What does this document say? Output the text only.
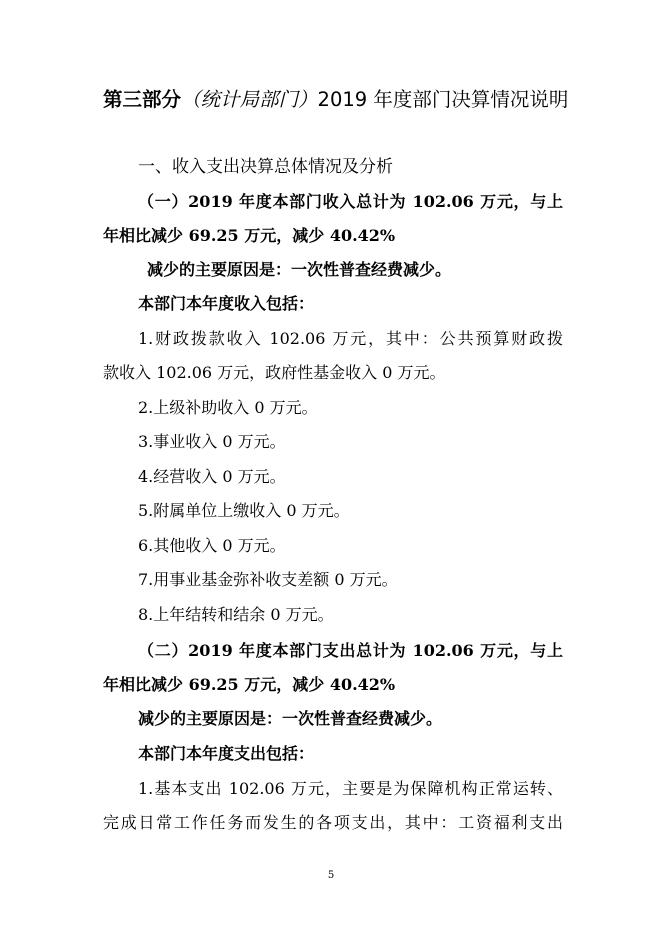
第三部分（统计局部门）2019 年度部门决算情况说明
一、收入支出决算总体情况及分析
（一）2019 年度本部门收入总计为 102.06 万元，与上
年相比减少 69.25 万元，减少 40.42%
减少的主要原因是：一次性普查经费减少。
本部门本年度收入包括：
1.财政拨款收入 102.06 万元，其中：公共预算财政拨
款收入 102.06 万元，政府性基金收入 0 万元。
2.上级补助收入 0 万元。
3.事业收入 0 万元。
4.经营收入 0 万元。
5.附属单位上缴收入 0 万元。
6.其他收入 0 万元。
7.用事业基金弥补收支差额 0 万元。
8.上年结转和结余 0 万元。
（二）2019 年度本部门支出总计为 102.06 万元，与上
年相比减少 69.25 万元，减少 40.42%
减少的主要原因是：一次性普查经费减少。
本部门本年度支出包括：
1.基本支出 102.06 万元，主要是为保障机构正常运转、
完成日常工作任务而发生的各项支出，其中：工资福利支出
5
